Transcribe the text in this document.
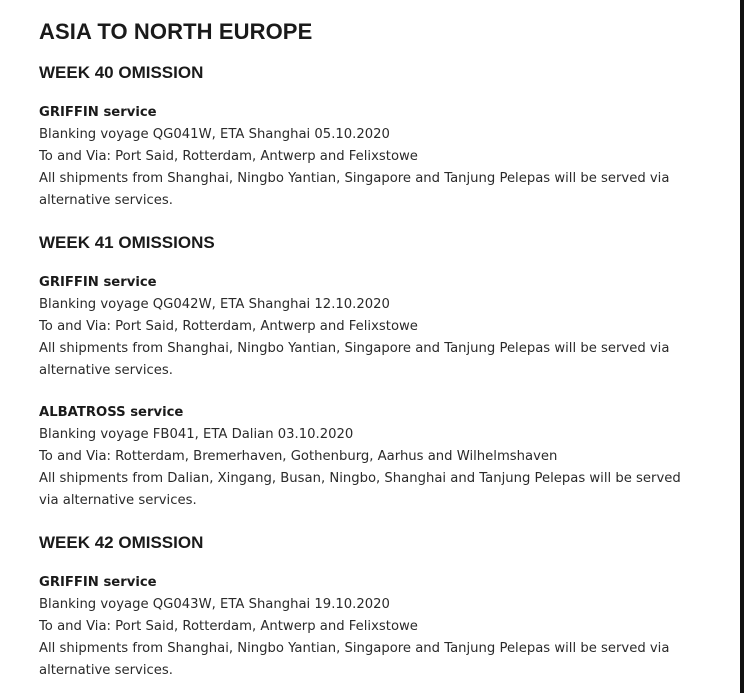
ASIA TO NORTH EUROPE
WEEK 40 OMISSION
GRIFFIN service
Blanking voyage QG041W, ETA Shanghai 05.10.2020
To and Via: Port Said, Rotterdam, Antwerp and Felixstowe
All shipments from Shanghai, Ningbo Yantian, Singapore and Tanjung Pelepas will be served via alternative services.
WEEK 41 OMISSIONS
GRIFFIN service
Blanking voyage QG042W, ETA Shanghai 12.10.2020
To and Via: Port Said, Rotterdam, Antwerp and Felixstowe
All shipments from Shanghai, Ningbo Yantian, Singapore and Tanjung Pelepas will be served via alternative services.
ALBATROSS service
Blanking voyage FB041, ETA Dalian 03.10.2020
To and Via: Rotterdam, Bremerhaven, Gothenburg, Aarhus and Wilhelmshaven
All shipments from Dalian, Xingang, Busan, Ningbo, Shanghai and Tanjung Pelepas will be served via alternative services.
WEEK 42 OMISSION
GRIFFIN service
Blanking voyage QG043W, ETA Shanghai 19.10.2020
To and Via: Port Said, Rotterdam, Antwerp and Felixstowe
All shipments from Shanghai, Ningbo Yantian, Singapore and Tanjung Pelepas will be served via alternative services.
